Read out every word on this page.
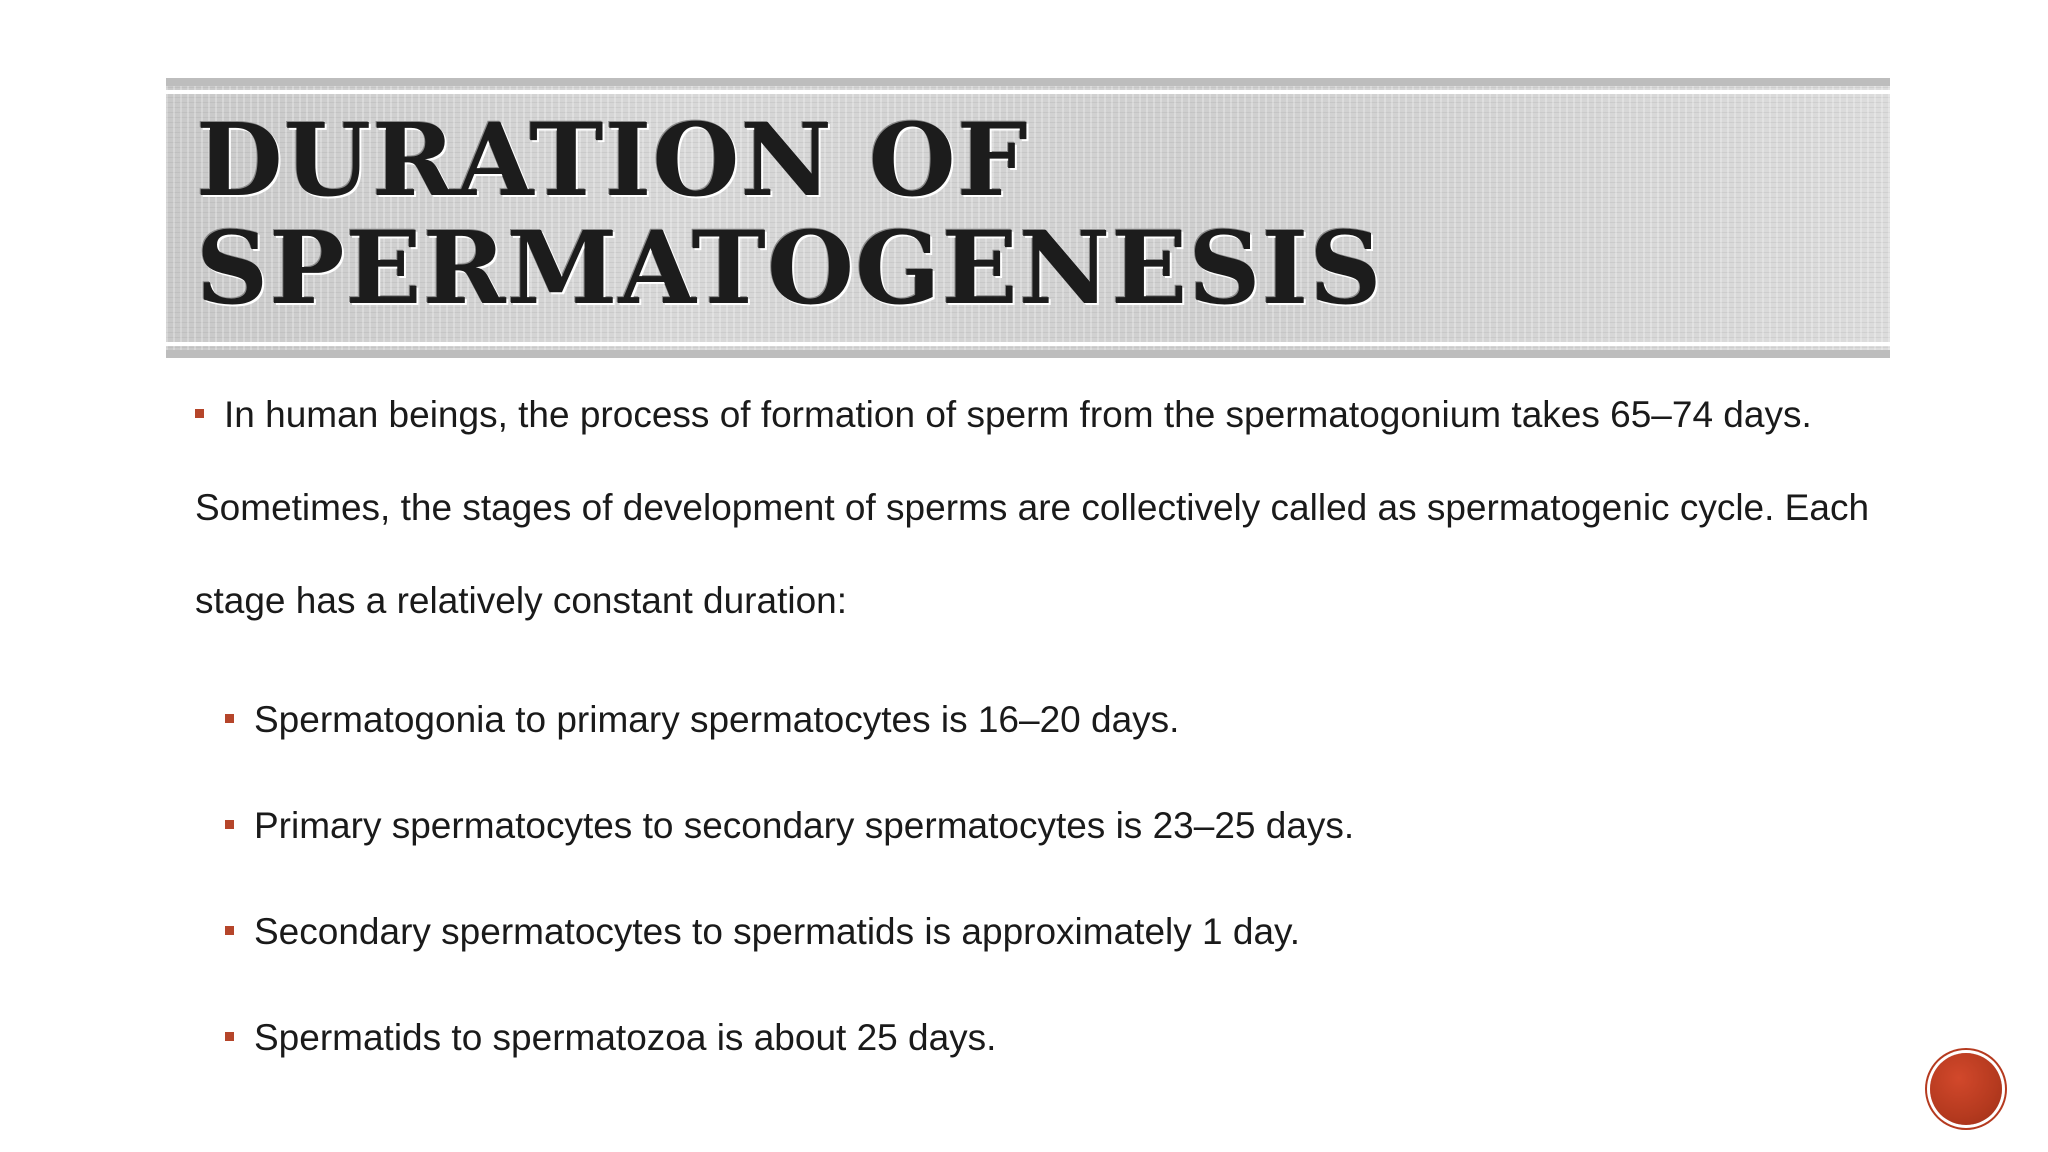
DURATION OF
SPERMATOGENESIS

In human beings, the process of formation of sperm from the spermatogonium takes 65–74 days. Sometimes, the stages of development of sperms are collectively called as spermatogenic cycle. Each stage has a relatively constant duration:

Spermatogonia to primary spermatocytes is 16–20 days.
Primary spermatocytes to secondary spermatocytes is 23–25 days.
Secondary spermatocytes to spermatids is approximately 1 day.
Spermatids to spermatozoa is about 25 days.
